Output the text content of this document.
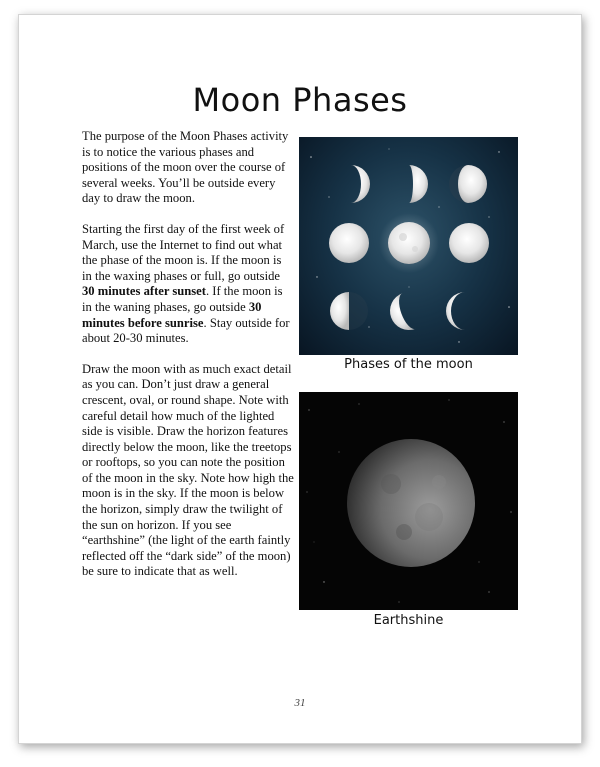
Moon Phases

The purpose of the Moon Phases activity is to notice the various phases and positions of the moon over the course of several weeks. You’ll be outside every day to draw the moon.

Starting the first day of the first week of March, use the Internet to find out what the phase of the moon is. If the moon is in the waxing phases or full, go outside 30 minutes after sunset. If the moon is in the waning phases, go outside 30 minutes before sunrise. Stay outside for about 20-30 minutes.

Draw the moon with as much exact detail as you can. Don’t just draw a general crescent, oval, or round shape. Note with careful detail how much of the lighted side is visible. Draw the horizon features directly below the moon, like the treetops or rooftops, so you can note the position of the moon in the sky. Note how high the moon is in the sky. If the moon is below the horizon, simply draw the twilight of the sun on horizon. If you see “earthshine” (the light of the earth faintly reflected off the “dark side” of the moon) be sure to indicate that as well.

Phases of the moon
Earthshine
31
